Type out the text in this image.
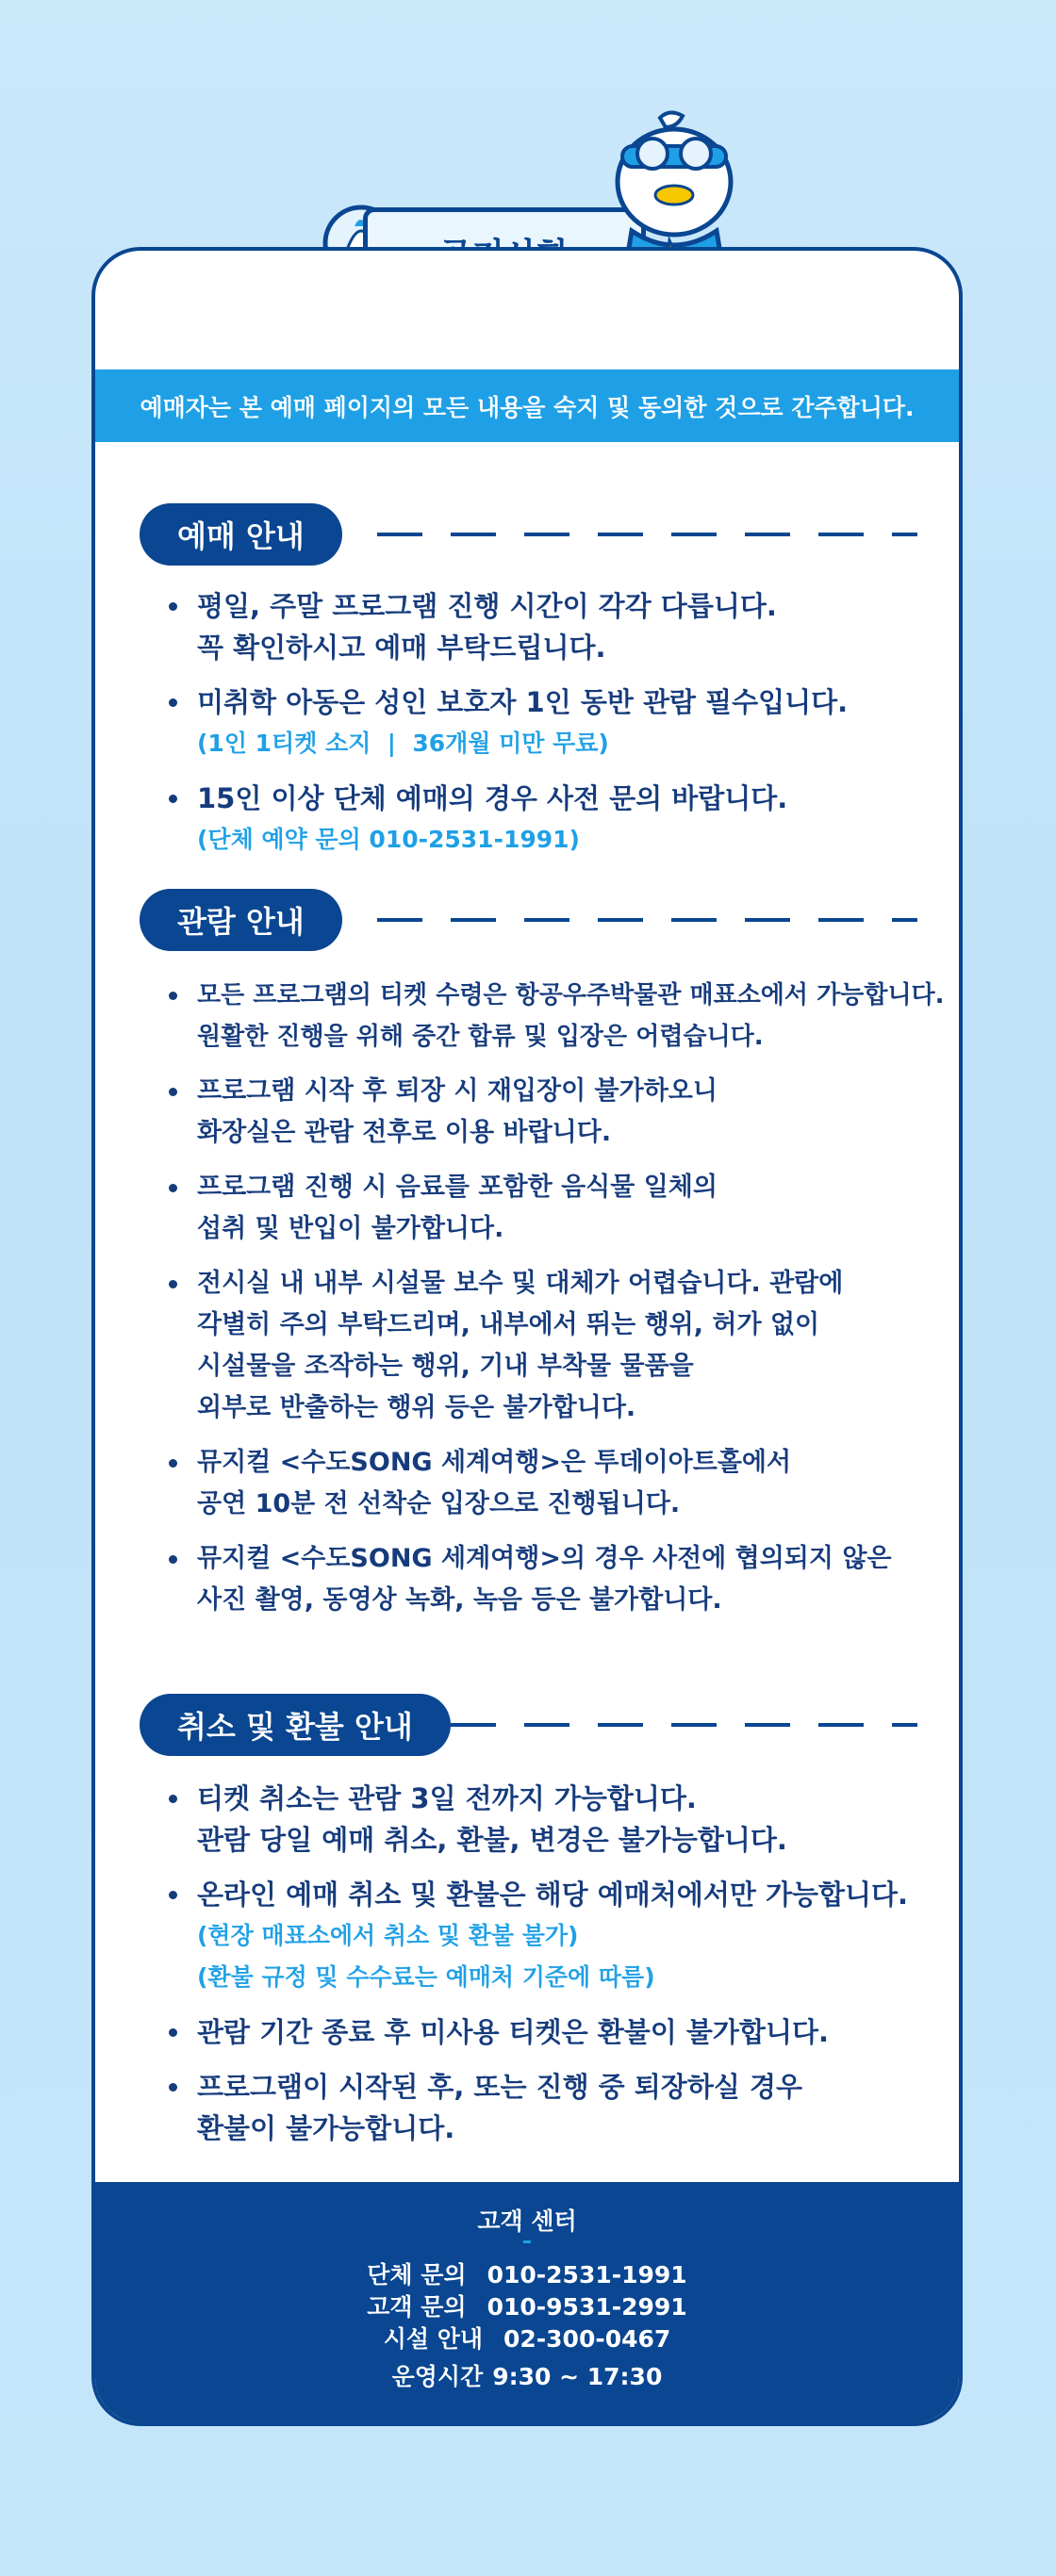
예매자는 본 예매 페이지의 모든 내용을 숙지 및 동의한 것으로 간주합니다.
예매 안내
평일, 주말 프로그램 진행 시간이 각각 다릅니다.
꼭 확인하시고 예매 부탁드립니다.
미취학 아동은 성인 보호자 1인 동반 관람 필수입니다.
(1인 1티켓 소지  |  36개월 미만 무료)
15인 이상 단체 예매의 경우 사전 문의 바랍니다.
(단체 예약 문의 010-2531-1991)
관람 안내
모든 프로그램의 티켓 수령은 항공우주박물관 매표소에서 가능합니다.
원활한 진행을 위해 중간 합류 및 입장은 어렵습니다.
프로그램 시작 후 퇴장 시 재입장이 불가하오니
화장실은 관람 전후로 이용 바랍니다.
프로그램 진행 시 음료를 포함한 음식물 일체의
섭취 및 반입이 불가합니다.
전시실 내 내부 시설물 보수 및 대체가 어렵습니다. 관람에
각별히 주의 부탁드리며, 내부에서 뛰는 행위, 허가 없이
시설물을 조작하는 행위, 기내 부착물 물품을
외부로 반출하는 행위 등은 불가합니다.
뮤지컬 <수도SONG 세계여행>은 투데이아트홀에서
공연 10분 전 선착순 입장으로 진행됩니다.
뮤지컬 <수도SONG 세계여행>의 경우 사전에 협의되지 않은
사진 촬영, 동영상 녹화, 녹음 등은 불가합니다.
취소 및 환불 안내
티켓 취소는 관람 3일 전까지 가능합니다.
관람 당일 예매 취소, 환불, 변경은 불가능합니다.
온라인 예매 취소 및 환불은 해당 예매처에서만 가능합니다.
(현장 매표소에서 취소 및 환불 불가)
(환불 규정 및 수수료는 예매처 기준에 따름)
관람 기간 종료 후 미사용 티켓은 환불이 불가합니다.
프로그램이 시작된 후, 또는 진행 중 퇴장하실 경우
환불이 불가능합니다.
고객 센터
단체 문의 010-2531-1991
고객 문의 010-9531-2991
시설 안내 02-300-0467
운영시간 9:30 ~ 17:30
